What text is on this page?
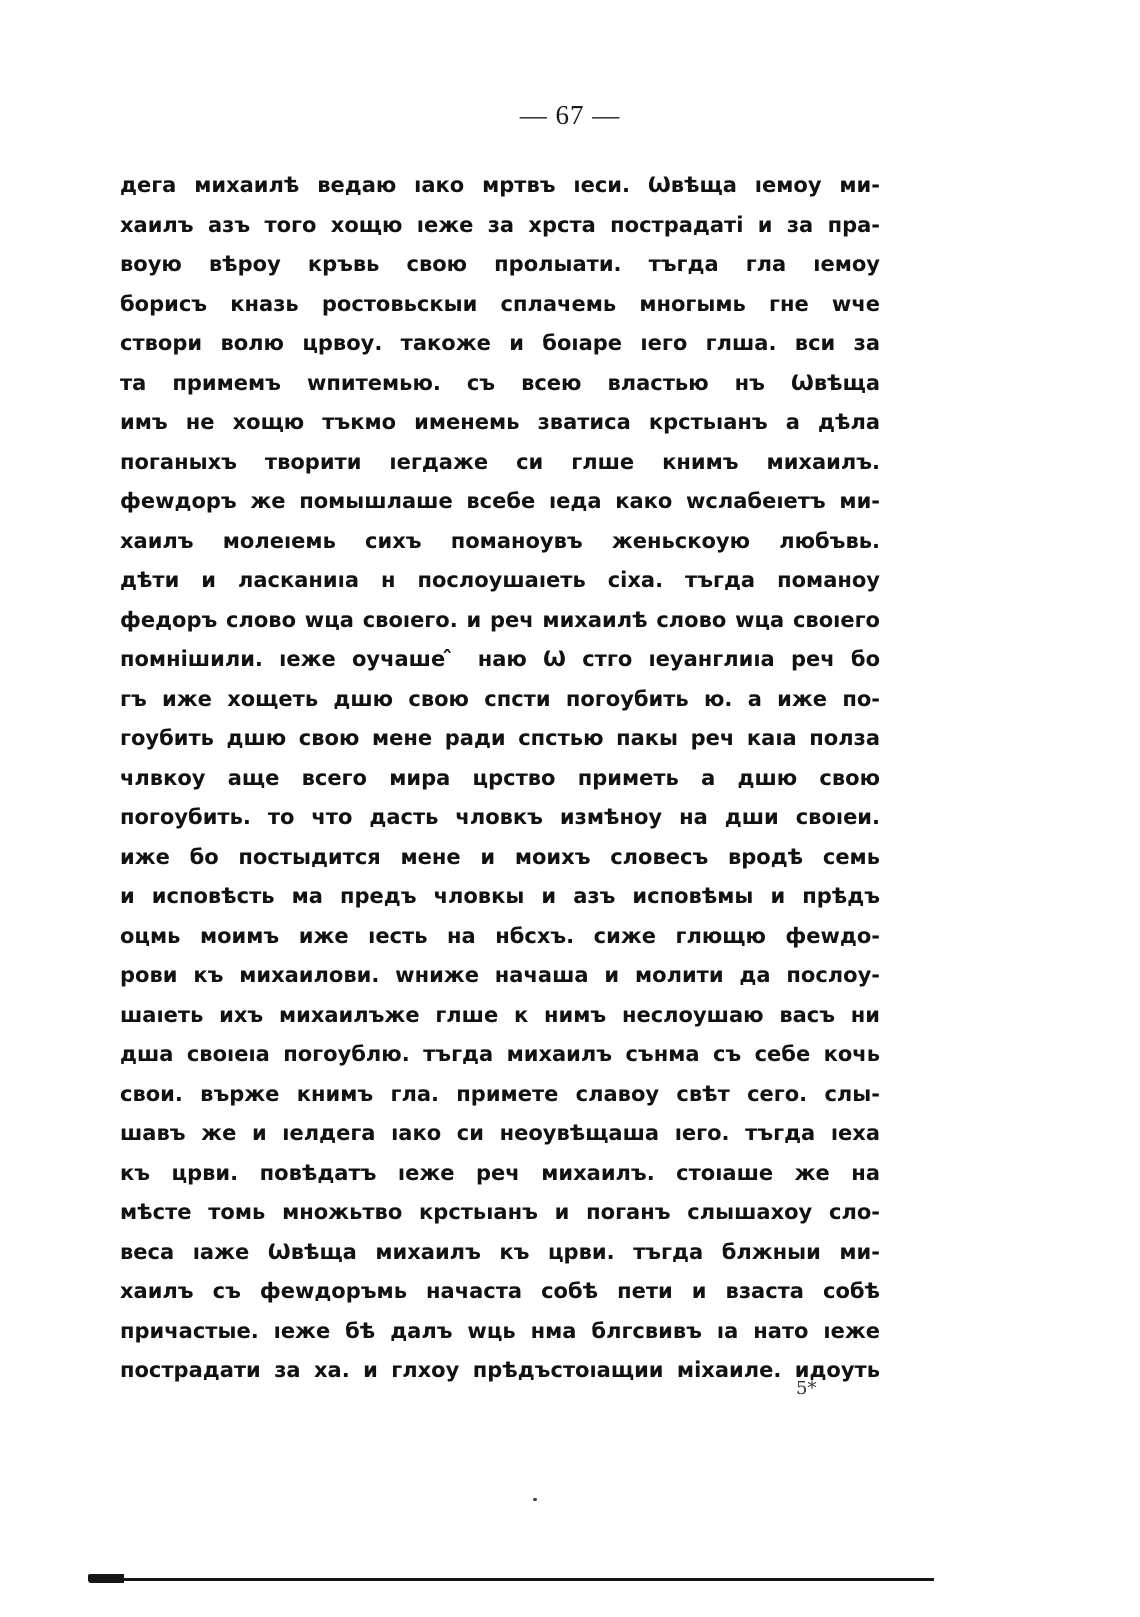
— 67 —
дега михаилѣ ведаю ıако мртвъ ıеси. Ѡвѣща ıемоу ми-
хаилъ азъ того хощю ıеже за хрста пострадаті и за пра-
воую вѣроу кръвь свою пролыати. тъгда гла ıемоу
борисъ кназь ростовьскыи сплачемь многымь гне wче
створи волю црвоу. такоже и боıаре ıего глша. вси за
та примемъ wпитемью. съ всею властью нъ Ѡвѣща
имъ не хощю тъкмо именемь зватиса крстьıанъ а дѣла
поганыхъ творити ıегдаже си глше книмъ михаилъ.
феwдоръ же помышлаше всебе ıеда како wслабеıетъ ми-
хаилъ молеıемь сихъ поманоувъ женьскоую любъвь.
дѣти и ласканиıа н послоушаıеть сіха. тъгда поманоу
федоръ слово wца своıего. и реч михаилѣ слово wца своıего
помнішили. ıеже оучаше ̂ наю Ѡ стго ıеуанглиıа реч бо
гъ иже хощеть дшю свою спсти погоубить ю. а иже по-
гоубить дшю свою мене ради спстью пакы реч каıа полза
члвкоу аще всего мира црство приметь а дшю свою
погоубить. то что дасть чловкъ измѣноу на дши своıеи.
иже бо постыдится мене и моихъ словесъ вродѣ семь
и исповѣсть ма предъ чловкы и азъ исповѣмы и прѣдъ
оцмь моимъ иже ıесть на нбсхъ. сиже глющю феwдо-
рови къ михаилови. wниже начаша и молити да послоу-
шаıеть ихъ михаилъже глше к нимъ неслоушаю васъ ни
дша своıеıа погоублю. тъгда михаилъ сънма съ себе кочь
свои. върже книмъ гла. примете славоу свѣт сего. слы-
шавъ же и ıелдега ıако си неоувѣщаша ıего. тъгда ıеха
къ црви. повѣдатъ ıеже реч михаилъ. стоıаше же на
мѣсте томь множьтво крстьıанъ и поганъ слышахоу сло-
веса ıаже Ѡвѣща михаилъ къ црви. тъгда блжныи ми-
хаилъ съ феwдоръмь начаста собѣ пети и взаста собѣ
причастые. ıеже бѣ далъ wць нма блгсвивъ ıа нато ıеже
пострадати за ха. и глхоу прѣдъстоıащии міхаиле. идоуть
5*
